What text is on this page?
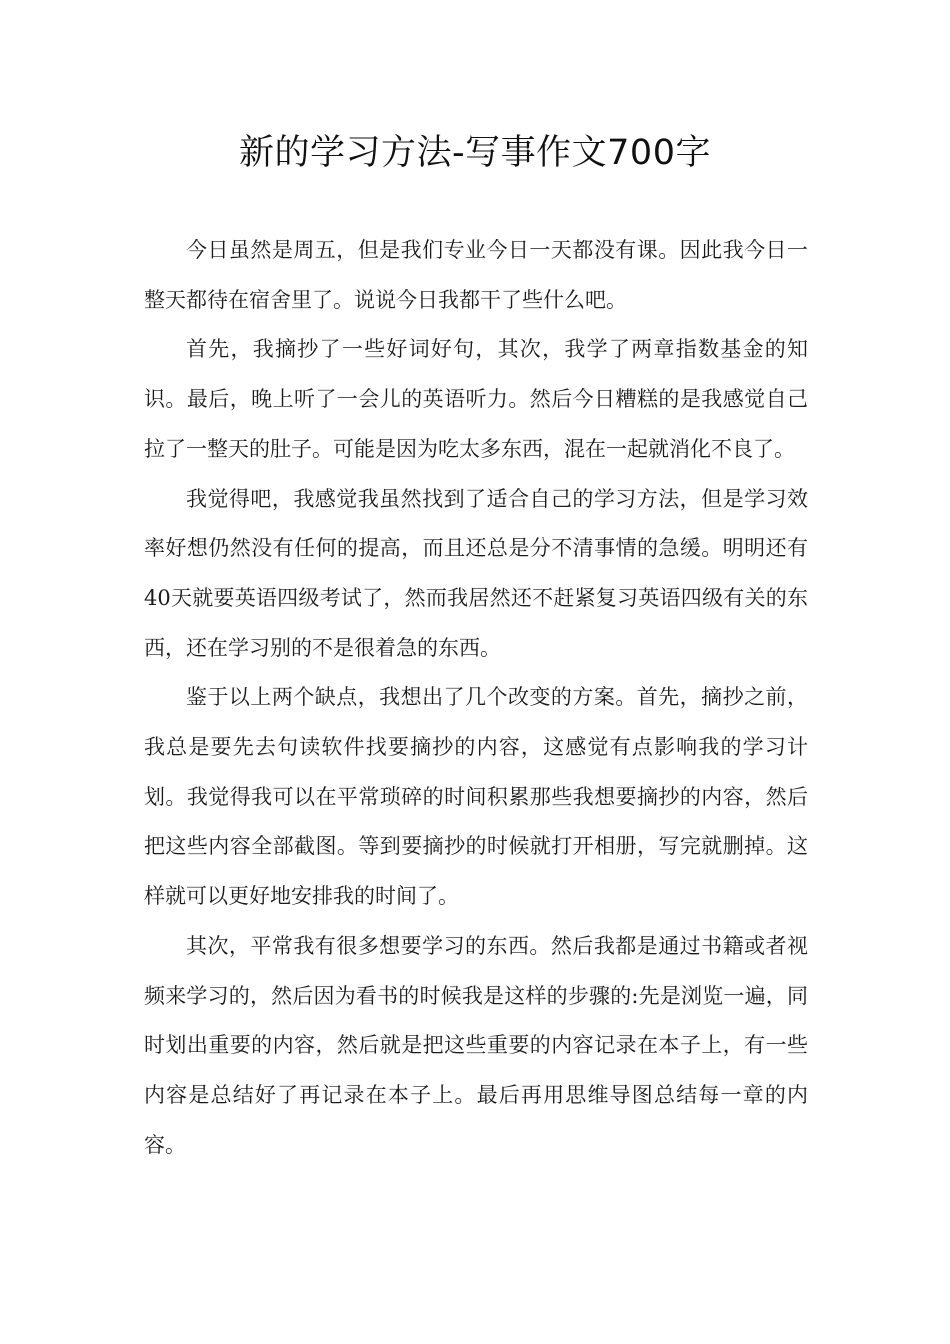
新的学习方法-写事作文700字

今日虽然是周五，但是我们专业今日一天都没有课。因此我今日一整天都待在宿舍里了。说说今日我都干了些什么吧。

首先，我摘抄了一些好词好句，其次，我学了两章指数基金的知识。最后，晚上听了一会儿的英语听力。然后今日糟糕的是我感觉自己拉了一整天的肚子。可能是因为吃太多东西，混在一起就消化不良了。

我觉得吧，我感觉我虽然找到了适合自己的学习方法，但是学习效率好想仍然没有任何的提高，而且还总是分不清事情的急缓。明明还有40天就要英语四级考试了，然而我居然还不赶紧复习英语四级有关的东西，还在学习别的不是很着急的东西。

鉴于以上两个缺点，我想出了几个改变的方案。首先，摘抄之前，我总是要先去句读软件找要摘抄的内容，这感觉有点影响我的学习计划。我觉得我可以在平常琐碎的时间积累那些我想要摘抄的内容，然后把这些内容全部截图。等到要摘抄的时候就打开相册，写完就删掉。这样就可以更好地安排我的时间了。

其次，平常我有很多想要学习的东西。然后我都是通过书籍或者视频来学习的，然后因为看书的时候我是这样的步骤的:先是浏览一遍，同时划出重要的内容，然后就是把这些重要的内容记录在本子上，有一些内容是总结好了再记录在本子上。最后再用思维导图总结每一章的内容。
